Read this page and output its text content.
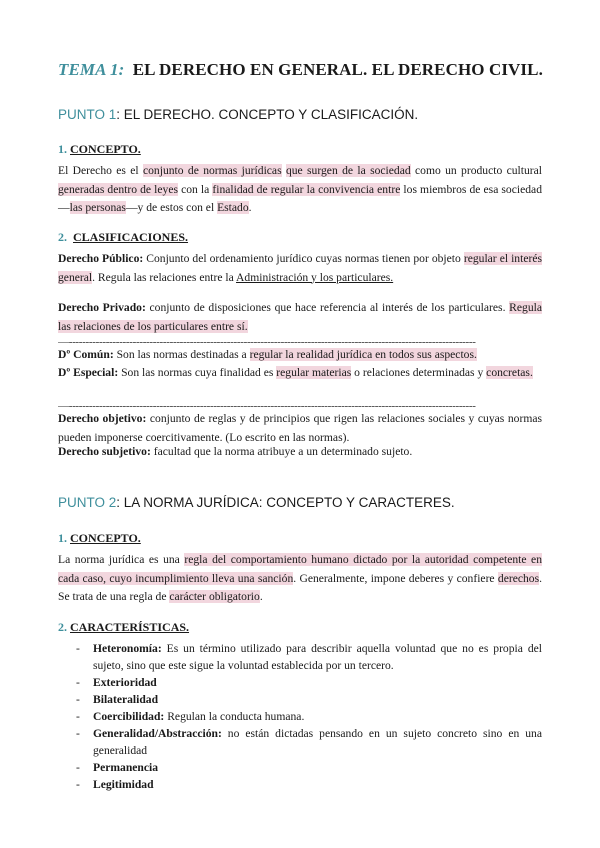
TEMA 1: EL DERECHO EN GENERAL. EL DERECHO CIVIL.
PUNTO 1: EL DERECHO. CONCEPTO Y CLASIFICACIÓN.
1. CONCEPTO.
El Derecho es el conjunto de normas jurídicas que surgen de la sociedad como un producto cultural generadas dentro de leyes con la finalidad de regular la convivencia entre los miembros de esa sociedad—las personas—y de estos con el Estado.
2. CLASIFICACIONES.
Derecho Público: Conjunto del ordenamiento jurídico cuyas normas tienen por objeto regular el interés general. Regula las relaciones entre la Administración y los particulares.
Derecho Privado: conjunto de disposiciones que hace referencia al interés de los particulares. Regula las relaciones de los particulares entre sí.
—-------------------------------------------------------------------------------------------------------------------------
Dº Común: Son las normas destinadas a regular la realidad jurídica en todos sus aspectos.
Dº Especial: Son las normas cuya finalidad es regular materias o relaciones determinadas y concretas.
—-------------------------------------------------------------------------------------------------------------------------
Derecho objetivo: conjunto de reglas y de principios que rigen las relaciones sociales y cuyas normas pueden imponerse coercitivamente. (Lo escrito en las normas).
Derecho subjetivo: facultad que la norma atribuye a un determinado sujeto.
PUNTO 2: LA NORMA JURÍDICA: CONCEPTO Y CARACTERES.
1. CONCEPTO.
La norma jurídica es una regla del comportamiento humano dictado por la autoridad competente en cada caso, cuyo incumplimiento lleva una sanción. Generalmente, impone deberes y confiere derechos. Se trata de una regla de carácter obligatorio.
2. CARACTERÍSTICAS.
- Heteronomía: Es un término utilizado para describir aquella voluntad que no es propia del sujeto, sino que este sigue la voluntad establecida por un tercero.
- Exterioridad
- Bilateralidad
- Coercibilidad: Regulan la conducta humana.
- Generalidad/Abstracción: no están dictadas pensando en un sujeto concreto sino en una generalidad
- Permanencia
- Legitimidad
